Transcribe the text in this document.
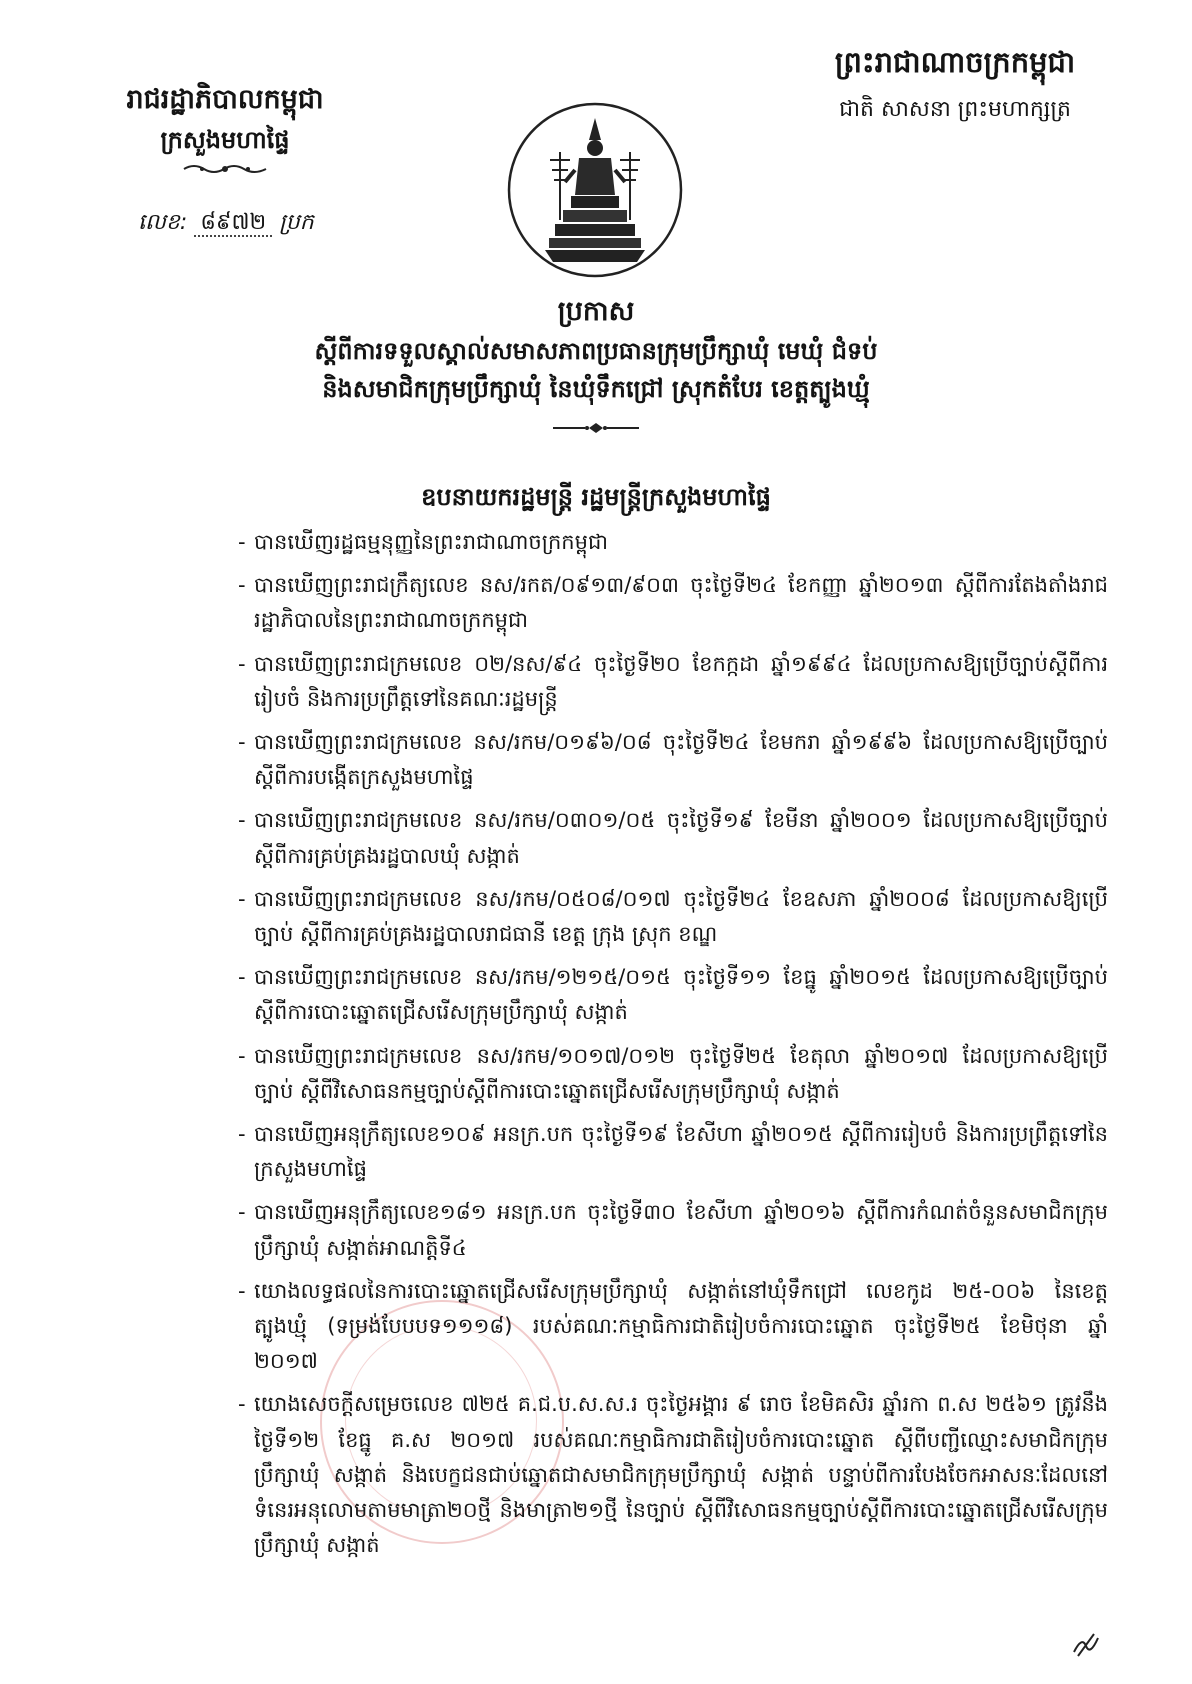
រាជរដ្ឋាភិបាលកម្ពុជា
ក្រសួងមហាផ្ទៃ
លេខ: ៨៩៧២ ប្រក
ព្រះរាជាណាចក្រកម្ពុជា
ជាតិ សាសនា ព្រះមហាក្សត្រ
ប្រកាស
ស្តីពីការទទួលស្គាល់សមាសភាពប្រធានក្រុមប្រឹក្សាឃុំ មេឃុំ ជំទប់
និងសមាជិកក្រុមប្រឹក្សាឃុំ នៃឃុំទឹកជ្រៅ ស្រុកតំបែរ ខេត្តត្បូងឃ្មុំ
ឧបនាយករដ្ឋមន្ត្រី រដ្ឋមន្ត្រីក្រសួងមហាផ្ទៃ
- បានឃើញរដ្ឋធម្មនុញ្ញនៃព្រះរាជាណាចក្រកម្ពុជា
- បានឃើញព្រះរាជក្រឹត្យលេខ នស/រកត/០៩១៣/៩០៣ ចុះថ្ងៃទី២៤ ខែកញ្ញា ឆ្នាំ២០១៣ ស្តីពីការតែងតាំងរាជរដ្ឋាភិបាលនៃព្រះរាជាណាចក្រកម្ពុជា
- បានឃើញព្រះរាជក្រមលេខ ០២/នស/៩៤ ចុះថ្ងៃទី២០ ខែកក្កដា ឆ្នាំ១៩៩៤ ដែលប្រកាសឱ្យប្រើច្បាប់ស្តីពីការរៀបចំ និងការប្រព្រឹត្តទៅនៃគណៈរដ្ឋមន្ត្រី
- បានឃើញព្រះរាជក្រមលេខ នស/រកម/០១៩៦/០៨ ចុះថ្ងៃទី២៤ ខែមករា ឆ្នាំ១៩៩៦ ដែលប្រកាសឱ្យប្រើច្បាប់ ស្តីពីការបង្កើតក្រសួងមហាផ្ទៃ
- បានឃើញព្រះរាជក្រមលេខ នស/រកម/០៣០១/០៥ ចុះថ្ងៃទី១៩ ខែមីនា ឆ្នាំ២០០១ ដែលប្រកាសឱ្យប្រើច្បាប់ ស្តីពីការគ្រប់គ្រងរដ្ឋបាលឃុំ សង្កាត់
- បានឃើញព្រះរាជក្រមលេខ នស/រកម/០៥០៨/០១៧ ចុះថ្ងៃទី២៤ ខែឧសភា ឆ្នាំ២០០៨ ដែលប្រកាសឱ្យប្រើច្បាប់ ស្តីពីការគ្រប់គ្រងរដ្ឋបាលរាជធានី ខេត្ត ក្រុង ស្រុក ខណ្ឌ
- បានឃើញព្រះរាជក្រមលេខ នស/រកម/១២១៥/០១៥ ចុះថ្ងៃទី១១ ខែធ្នូ ឆ្នាំ២០១៥ ដែលប្រកាសឱ្យប្រើច្បាប់ ស្តីពីការបោះឆ្នោតជ្រើសរើសក្រុមប្រឹក្សាឃុំ សង្កាត់
- បានឃើញព្រះរាជក្រមលេខ នស/រកម/១០១៧/០១២ ចុះថ្ងៃទី២៥ ខែតុលា ឆ្នាំ២០១៧ ដែលប្រកាសឱ្យប្រើច្បាប់ ស្តីពីវិសោធនកម្មច្បាប់ស្តីពីការបោះឆ្នោតជ្រើសរើសក្រុមប្រឹក្សាឃុំ សង្កាត់
- បានឃើញអនុក្រឹត្យលេខ១០៩ អនក្រ.បក ចុះថ្ងៃទី១៩ ខែសីហា ឆ្នាំ២០១៥ ស្តីពីការរៀបចំ និងការប្រព្រឹត្តទៅនៃក្រសួងមហាផ្ទៃ
- បានឃើញអនុក្រឹត្យលេខ១៨១ អនក្រ.បក ចុះថ្ងៃទី៣០ ខែសីហា ឆ្នាំ២០១៦ ស្តីពីការកំណត់ចំនួនសមាជិកក្រុមប្រឹក្សាឃុំ សង្កាត់អាណត្តិទី៤
- យោងលទ្ធផលនៃការបោះឆ្នោតជ្រើសរើសក្រុមប្រឹក្សាឃុំ សង្កាត់នៅឃុំទឹកជ្រៅ លេខកូដ ២៥-០០៦ នៃខេត្តត្បូងឃ្មុំ (ទម្រង់បែបបទ១១១៨) របស់គណៈកម្មាធិការជាតិរៀបចំការបោះឆ្នោត ចុះថ្ងៃទី២៥ ខែមិថុនា ឆ្នាំ ២០១៧
- យោងសេចក្តីសម្រេចលេខ ៧២៥ គ.ជ.ប.ស.ស.រ ចុះថ្ងៃអង្គារ ៩ រោច ខែមិគសិរ ឆ្នាំរកា ព.ស ២៥៦១ ត្រូវនឹងថ្ងៃទី១២ ខែធ្នូ គ.ស ២០១៧ របស់គណៈកម្មាធិការជាតិរៀបចំការបោះឆ្នោត ស្តីពីបញ្ជីឈ្មោះសមាជិកក្រុមប្រឹក្សាឃុំ សង្កាត់ និងបេក្ខជនជាប់ឆ្នោតជាសមាជិកក្រុមប្រឹក្សាឃុំ សង្កាត់ បន្ទាប់ពីការបែងចែកអាសនៈដែលនៅទំនេរអនុលោមតាមមាត្រា២០ថ្មី និងមាត្រា២១ថ្មី នៃច្បាប់ ស្តីពីវិសោធនកម្មច្បាប់ស្តីពីការបោះឆ្នោតជ្រើសរើសក្រុមប្រឹក្សាឃុំ សង្កាត់
